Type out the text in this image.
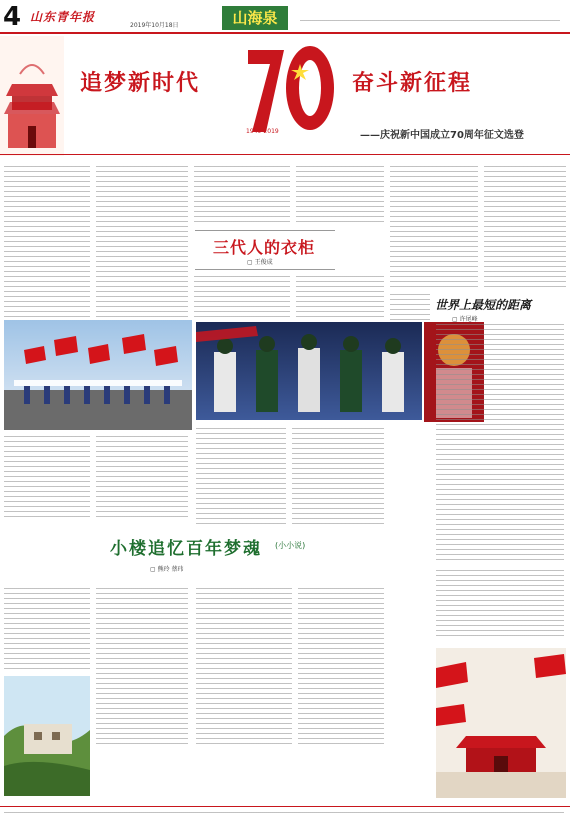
4 山东青年报
2019年10月18日	山海泉
追梦新时代
1949-2019
奋斗新征程
——庆祝新中国成立70周年征文选登
三代人的衣柜
▢ 王俊成
世界上最短的距离
▢ 许尾峰
小楼追忆百年梦魂 (小小说)
▢ 熊玲 蔡玮
